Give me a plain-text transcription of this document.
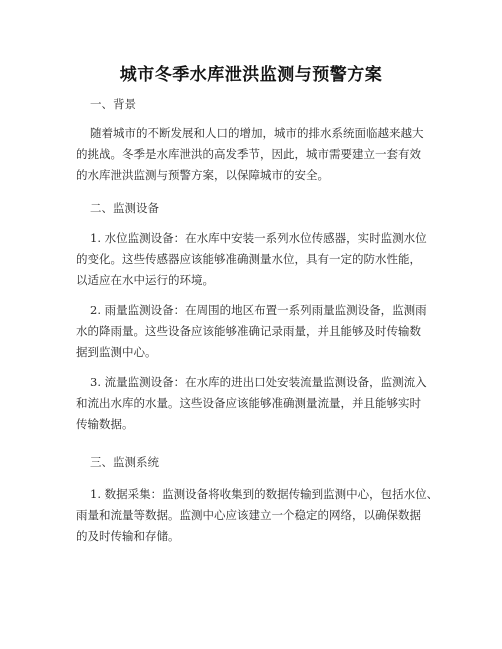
城市冬季水库泄洪监测与预警方案
一、背景
随着城市的不断发展和人口的增加，城市的排水系统面临越来越大
的挑战。冬季是水库泄洪的高发季节，因此，城市需要建立一套有效
的水库泄洪监测与预警方案，以保障城市的安全。
二、监测设备
1. 水位监测设备：在水库中安装一系列水位传感器，实时监测水位
的变化。这些传感器应该能够准确测量水位，具有一定的防水性能，
以适应在水中运行的环境。
2. 雨量监测设备：在周围的地区布置一系列雨量监测设备，监测雨
水的降雨量。这些设备应该能够准确记录雨量，并且能够及时传输数
据到监测中心。
3. 流量监测设备：在水库的进出口处安装流量监测设备，监测流入
和流出水库的水量。这些设备应该能够准确测量流量，并且能够实时
传输数据。
三、监测系统
1. 数据采集：监测设备将收集到的数据传输到监测中心，包括水位、
雨量和流量等数据。监测中心应该建立一个稳定的网络，以确保数据
的及时传输和存储。
